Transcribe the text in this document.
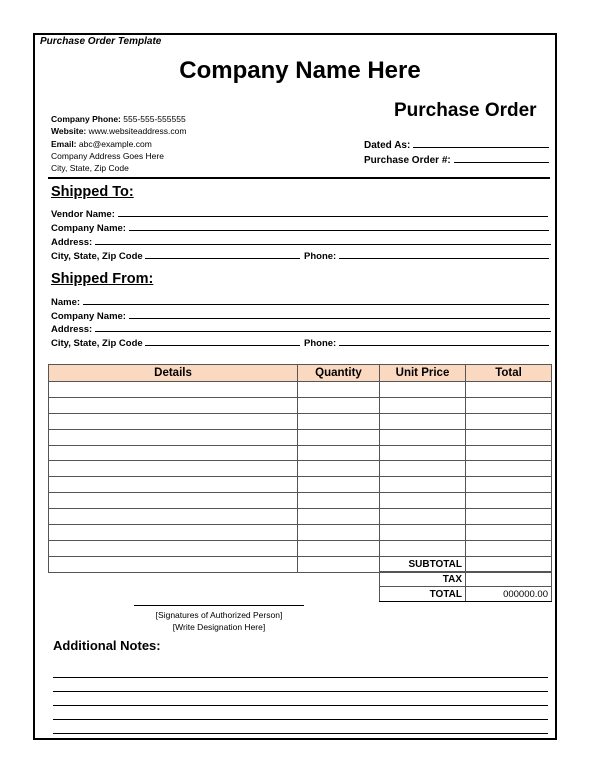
Purchase Order Template
Company Name Here
Purchase Order
Company Phone: 555-555-555555
Website: www.websiteaddress.com
Email: abc@example.com
Company Address Goes Here
City, State, Zip Code
Dated As:
Purchase Order #:
Shipped To:
Vendor Name:
Company Name:
Address:
City, State, Zip Code	Phone:
Shipped From:
Name:
Company Name:
Address:
City, State, Zip Code	Phone:
Details	Quantity	Unit Price	Total

SUBTOTAL	
TAX	
TOTAL	000000.00
[Signatures of Authorized Person]
[Write Designation Here]
Additional Notes:
